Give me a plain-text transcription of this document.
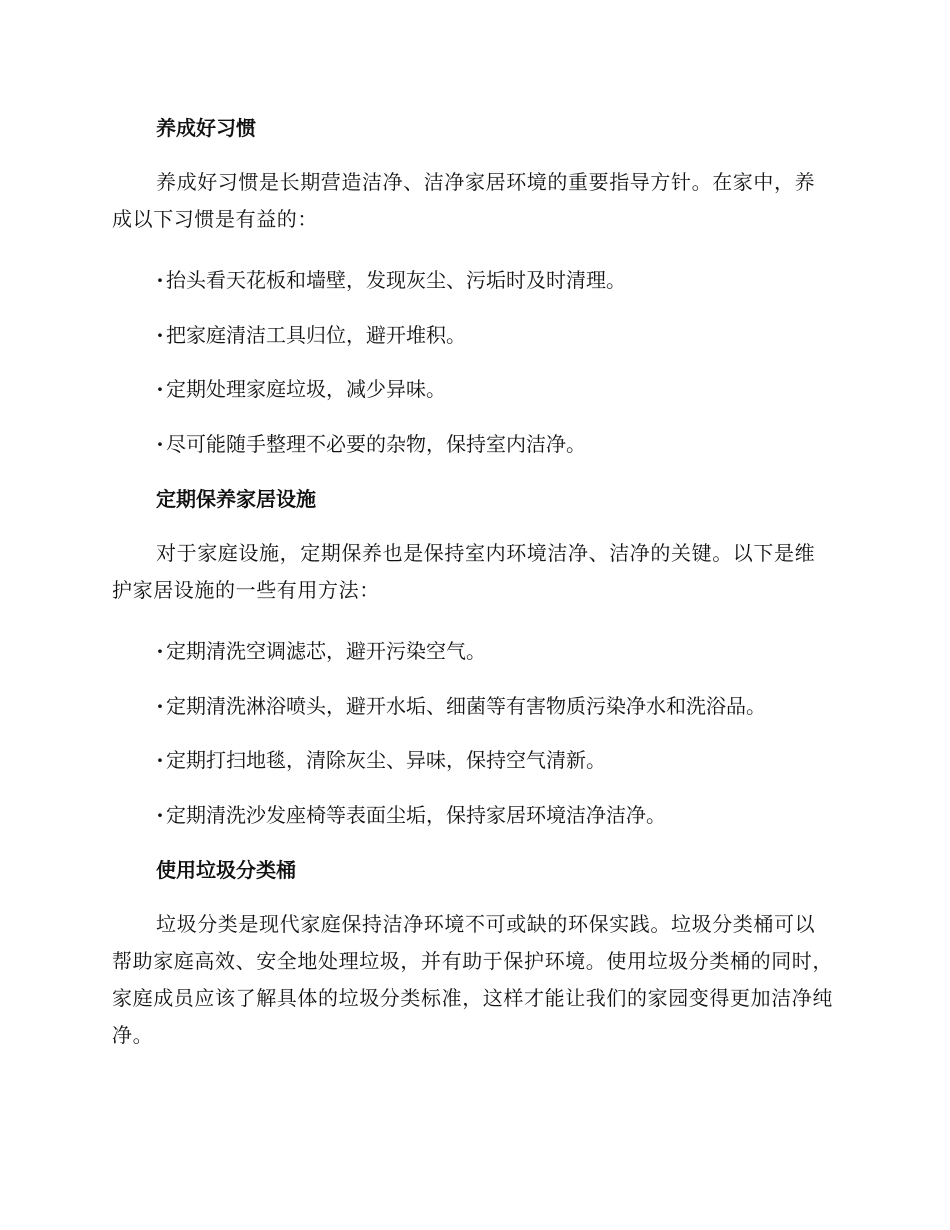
养成好习惯
养成好习惯是长期营造洁净、洁净家居环境的重要指导方针。在家中，养成以下习惯是有益的：
· 抬头看天花板和墙壁，发现灰尘、污垢时及时清理。
· 把家庭清洁工具归位，避开堆积。
· 定期处理家庭垃圾，减少异味。
· 尽可能随手整理不必要的杂物，保持室内洁净。
定期保养家居设施
对于家庭设施，定期保养也是保持室内环境洁净、洁净的关键。以下是维护家居设施的一些有用方法：
· 定期清洗空调滤芯，避开污染空气。
· 定期清洗淋浴喷头，避开水垢、细菌等有害物质污染净水和洗浴品。
· 定期打扫地毯，清除灰尘、异味，保持空气清新。
· 定期清洗沙发座椅等表面尘垢，保持家居环境洁净洁净。
使用垃圾分类桶
垃圾分类是现代家庭保持洁净环境不可或缺的环保实践。垃圾分类桶可以帮助家庭高效、安全地处理垃圾，并有助于保护环境。使用垃圾分类桶的同时，家庭成员应该了解具体的垃圾分类标准，这样才能让我们的家园变得更加洁净纯净。
